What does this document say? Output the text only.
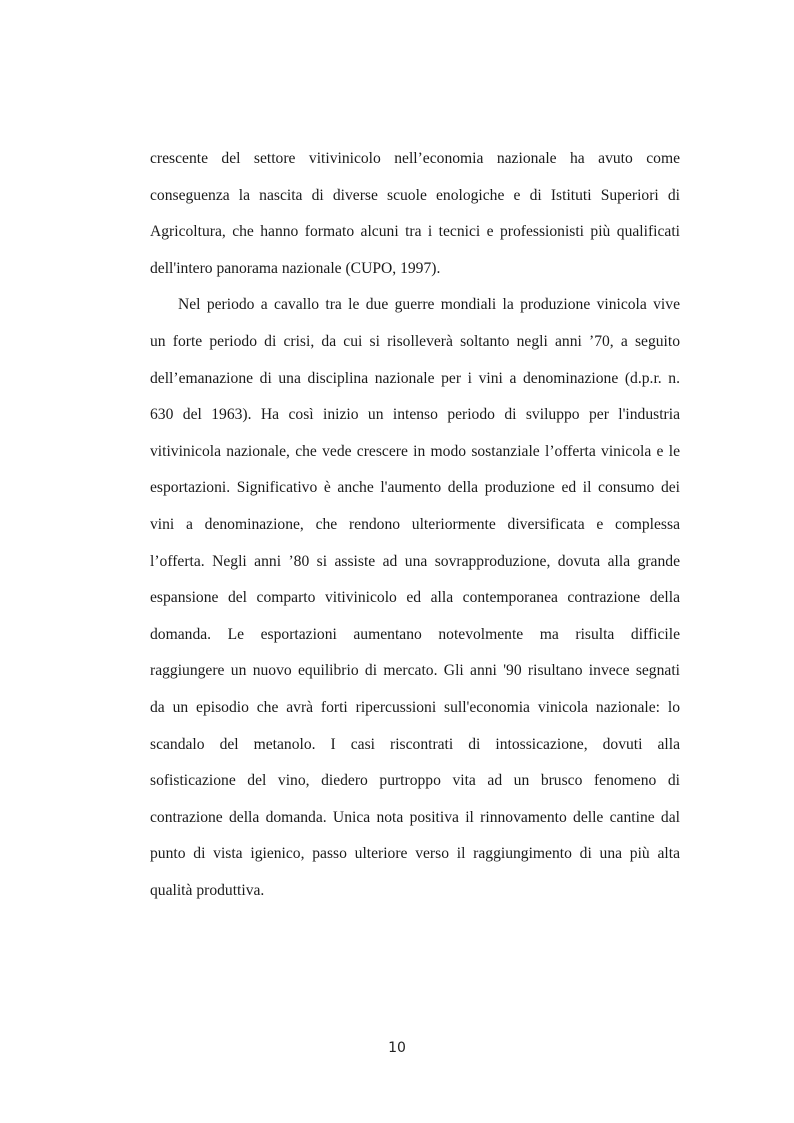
crescente del settore vitivinicolo nell’economia nazionale ha avuto come
conseguenza la nascita di diverse scuole enologiche e di Istituti Superiori di
Agricoltura, che hanno formato alcuni tra i tecnici e professionisti più qualificati
dell'intero panorama nazionale (CUPO, 1997).
Nel periodo a cavallo tra le due guerre mondiali la produzione vinicola vive
un forte periodo di crisi, da cui si risolleverà soltanto negli anni ’70, a seguito
dell’emanazione di una disciplina nazionale per i vini a denominazione (d.p.r. n.
630 del 1963). Ha così inizio un intenso periodo di sviluppo per l'industria
vitivinicola nazionale, che vede crescere in modo sostanziale l’offerta vinicola e le
esportazioni. Significativo è anche l'aumento della produzione ed il consumo dei
vini a denominazione, che rendono ulteriormente diversificata e complessa
l’offerta. Negli anni ’80 si assiste ad una sovrapproduzione, dovuta alla grande
espansione del comparto vitivinicolo ed alla contemporanea contrazione della
domanda. Le esportazioni aumentano notevolmente ma risulta difficile
raggiungere un nuovo equilibrio di mercato. Gli anni '90 risultano invece segnati
da un episodio che avrà forti ripercussioni sull'economia vinicola nazionale: lo
scandalo del metanolo. I casi riscontrati di intossicazione, dovuti alla
sofisticazione del vino, diedero purtroppo vita ad un brusco fenomeno di
contrazione della domanda. Unica nota positiva il rinnovamento delle cantine dal
punto di vista igienico, passo ulteriore verso il raggiungimento di una più alta
qualità produttiva.
10
